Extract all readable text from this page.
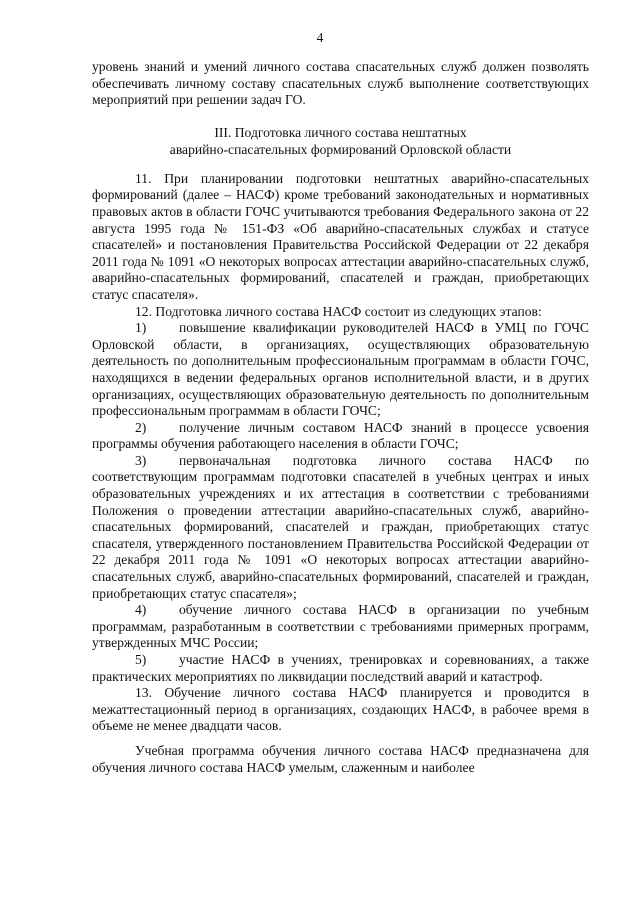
4

уровень знаний и умений личного состава спасательных служб должен позволять обеспечивать личному составу спасательных служб выполнение соответствующих мероприятий при решении задач ГО.

III. Подготовка личного состава нештатных
аварийно-спасательных формирований Орловской области

11. При планировании подготовки нештатных аварийно-спасательных формирований (далее – НАСФ) кроме требований законодательных и нормативных правовых актов в области ГОЧС учитываются требования Федерального закона от 22 августа 1995 года № 151-ФЗ «Об аварийно-спасательных службах и статусе спасателей» и постановления Правительства Российской Федерации от 22 декабря 2011 года № 1091 «О некоторых вопросах аттестации аварийно-спасательных служб, аварийно-спасательных формирований, спасателей и граждан, приобретающих статус спасателя».

12. Подготовка личного состава НАСФ состоит из следующих этапов:

1) повышение квалификации руководителей НАСФ в УМЦ по ГОЧС Орловской области, в организациях, осуществляющих образовательную деятельность по дополнительным профессиональным программам в области ГОЧС, находящихся в ведении федеральных органов исполнительной власти, и в других организациях, осуществляющих образовательную деятельность по дополнительным профессиональным программам в области ГОЧС;

2) получение личным составом НАСФ знаний в процессе усвоения программы обучения работающего населения в области ГОЧС;

3) первоначальная подготовка личного состава НАСФ по соответствующим программам подготовки спасателей в учебных центрах и иных образовательных учреждениях и их аттестация в соответствии с требованиями Положения о проведении аттестации аварийно-спасательных служб, аварийно-спасательных формирований, спасателей и граждан, приобретающих статус спасателя, утвержденного постановлением Правительства Российской Федерации от 22 декабря 2011 года № 1091 «О некоторых вопросах аттестации аварийно-спасательных служб, аварийно-спасательных формирований, спасателей и граждан, приобретающих статус спасателя»;

4) обучение личного состава НАСФ в организации по учебным программам, разработанным в соответствии с требованиями примерных программ, утвержденных МЧС России;

5) участие НАСФ в учениях, тренировках и соревнованиях, а также практических мероприятиях по ликвидации последствий аварий и катастроф.

13. Обучение личного состава НАСФ планируется и проводится в межаттестационный период в организациях, создающих НАСФ, в рабочее время в объеме не менее двадцати часов.

Учебная программа обучения личного состава НАСФ предназначена для обучения личного состава НАСФ умелым, слаженным и наиболее
